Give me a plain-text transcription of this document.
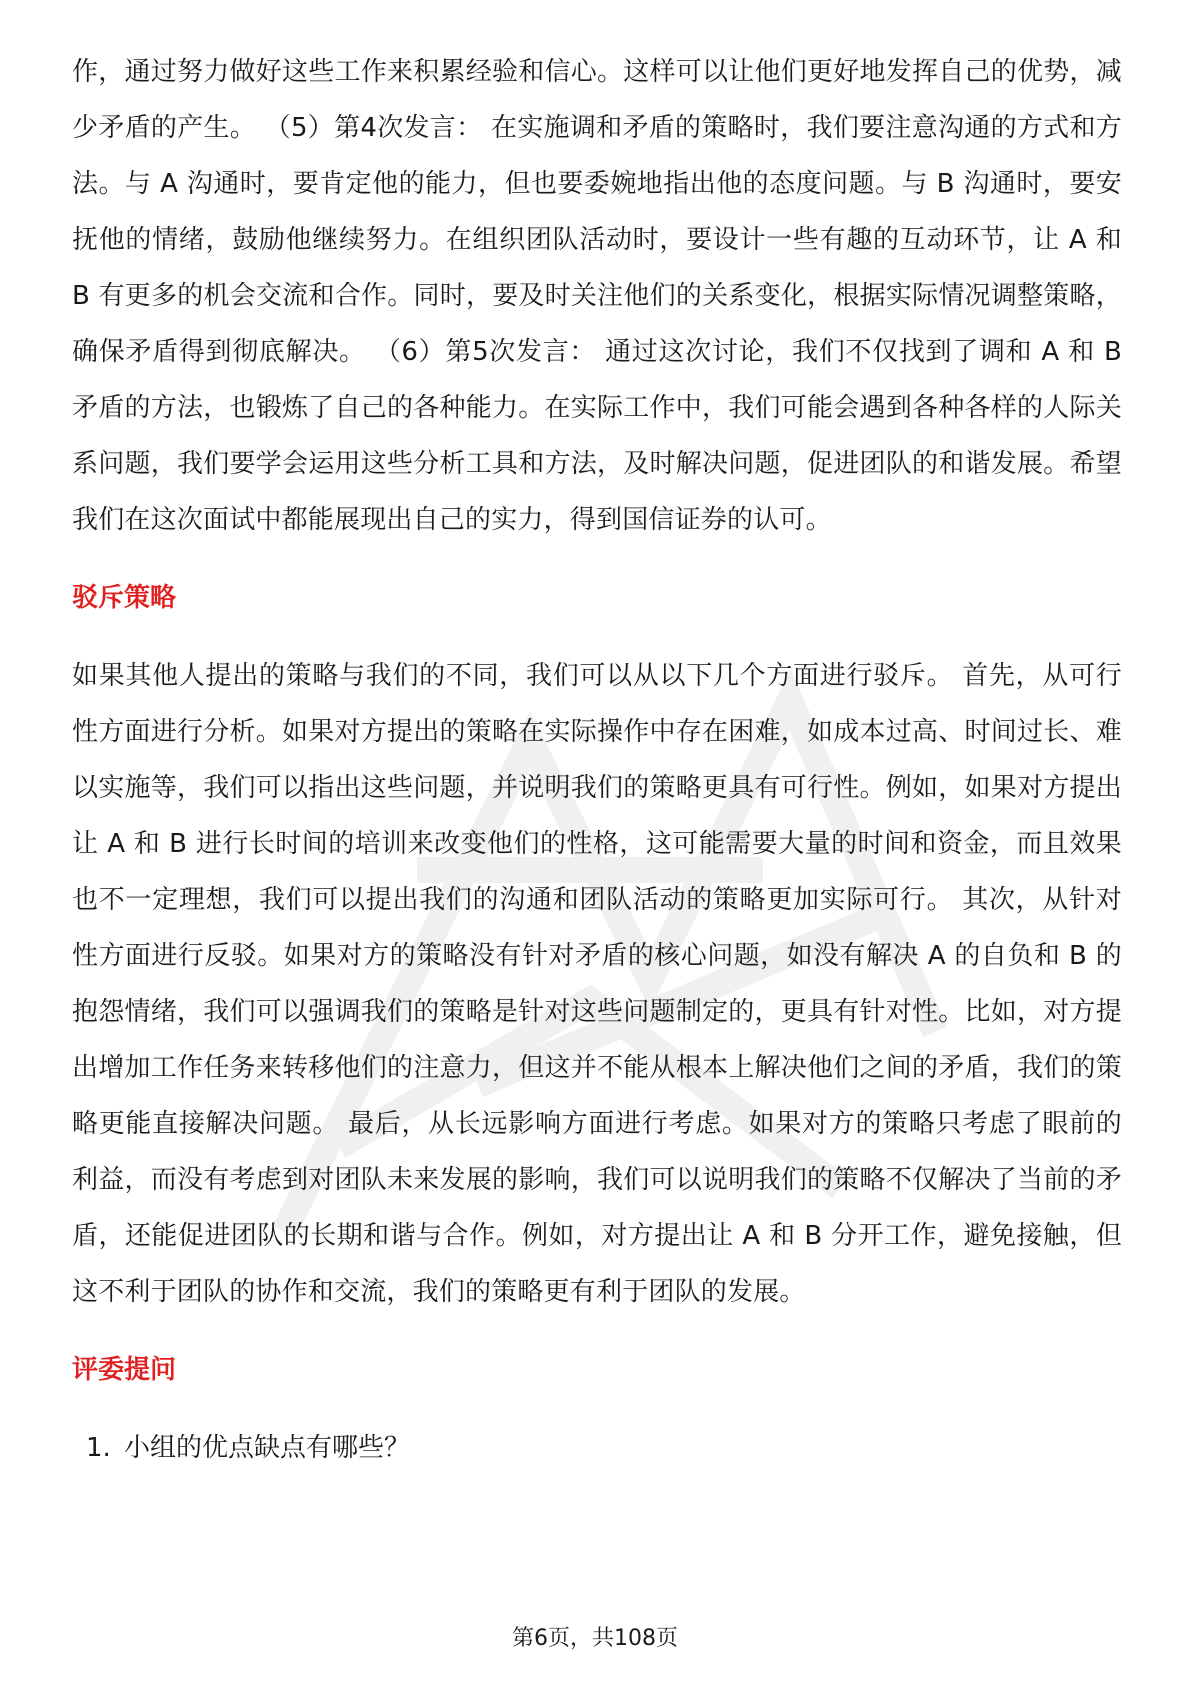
作，通过努力做好这些工作来积累经验和信心。这样可以让他们更好地发挥自己的优势，减少矛盾的产生。 （5）第4次发言： 在实施调和矛盾的策略时，我们要注意沟通的方式和方法。与 A 沟通时，要肯定他的能力，但也要委婉地指出他的态度问题。与 B 沟通时，要安抚他的情绪，鼓励他继续努力。在组织团队活动时，要设计一些有趣的互动环节，让 A 和 B 有更多的机会交流和合作。同时，要及时关注他们的关系变化，根据实际情况调整策略，确保矛盾得到彻底解决。 （6）第5次发言： 通过这次讨论，我们不仅找到了调和 A 和 B 矛盾的方法，也锻炼了自己的各种能力。在实际工作中，我们可能会遇到各种各样的人际关系问题，我们要学会运用这些分析工具和方法，及时解决问题，促进团队的和谐发展。希望我们在这次面试中都能展现出自己的实力，得到国信证券的认可。

驳斥策略

如果其他人提出的策略与我们的不同，我们可以从以下几个方面进行驳斥。 首先，从可行性方面进行分析。如果对方提出的策略在实际操作中存在困难，如成本过高、时间过长、难以实施等，我们可以指出这些问题，并说明我们的策略更具有可行性。例如，如果对方提出让 A 和 B 进行长时间的培训来改变他们的性格，这可能需要大量的时间和资金，而且效果也不一定理想，我们可以提出我们的沟通和团队活动的策略更加实际可行。 其次，从针对性方面进行反驳。如果对方的策略没有针对矛盾的核心问题，如没有解决 A 的自负和 B 的抱怨情绪，我们可以强调我们的策略是针对这些问题制定的，更具有针对性。比如，对方提出增加工作任务来转移他们的注意力，但这并不能从根本上解决他们之间的矛盾，我们的策略更能直接解决问题。 最后，从长远影响方面进行考虑。如果对方的策略只考虑了眼前的利益，而没有考虑到对团队未来发展的影响，我们可以说明我们的策略不仅解决了当前的矛盾，还能促进团队的长期和谐与合作。例如，对方提出让 A 和 B 分开工作，避免接触，但这不利于团队的协作和交流，我们的策略更有利于团队的发展。

评委提问
1. 小组的优点缺点有哪些？
第6页，共108页
